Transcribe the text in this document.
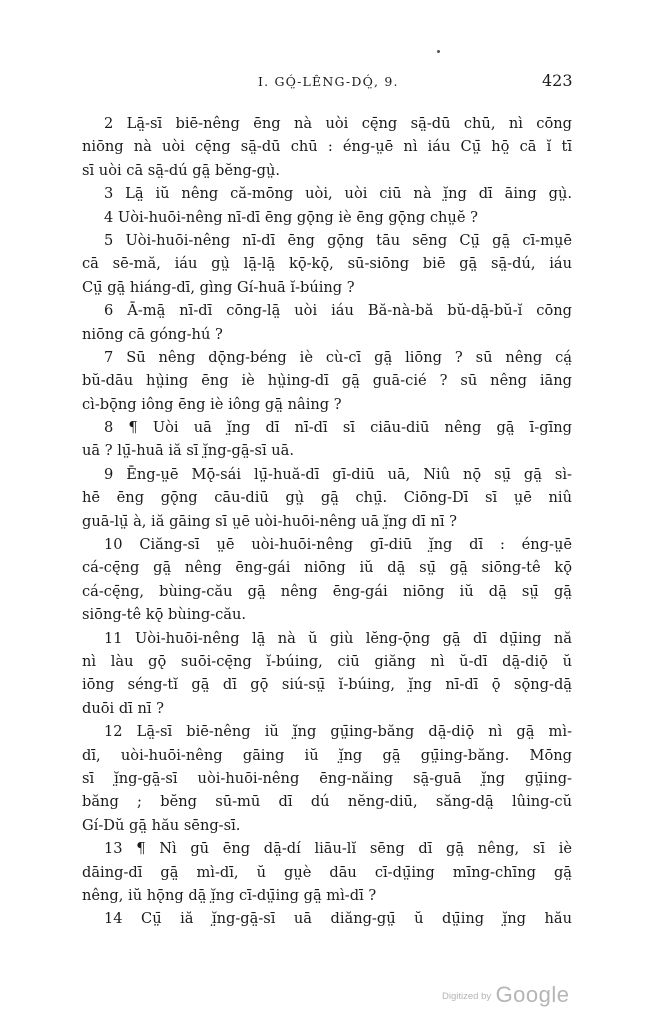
I. GÓ̤-LÊNG-DÓ̤, 9.	423
2 Lā̤-sī biē-nêng ēng nà uòi cę̄ng sā̤-dū chū, nì cōng
niōng nà uòi cę̄ng sā̤-dū chū : éng-ṳē nì iáu Cṳ̄ hō̤ cā ĭ tī
sī uòi cā sā̤-dú gā̤ bĕng-gṳ̀.
3 Lā̤ iŭ nêng că-mōng uòi, uòi ciū nà ĭ̤ng dī āing gṳ̀.
4 Uòi-huōi-nêng nī-dī ēng gǭng iè ēng gǭng chṳĕ ?
5 Uòi-huōi-nêng nī-dī ēng gǭng tāu sēng Cṳ̄ gā̤ cī-mṳē
cā sē-mă, iáu gṳ̀ lā̤-lā̤ kǭ-kǭ, sū-siōng biē gā̤ sā̤-dú, iáu
Cṳ̄ gā̤ hiáng-dī, gìng Gí-huā ĭ-búing ?
6 Ā-mā̤ nī-dī cōng-lā̤ uòi iáu Bă-nà-bă bŭ-dā̤-bŭ-ĭ cōng
niōng cā góng-hú ?
7 Sū nêng dǭng-béng iè cù-cī gā̤ liōng ? sū nêng cá̤
bŭ-dāu hṳ̀ing ēng iè hṳ̀ing-dī gā̤ guā-cié ? sū nêng iāng
cì-bǭng iông ēng iè iông gā̤ nâing ?
8 ¶ Uòi uā ĭ̤ng dī nī-dī sī ciāu-diū nêng gā̤ ī-gīng
uā ? lṳ̄-huā iă sī ĭ̤ng-gā̤-sī uā.
9 Ēng-ṳē Mǭ-sái lṳ̄-huă-dī gī-diū uā, Niû nǭ sṳ̄ gā̤ sì-
hē ēng gǭng cāu-diū gṳ̀ gā̤ chṳ̄. Ciōng-Dī sī ṳē niû
guā-lṳ̄ à, iă gāing sī ṳē uòi-huōi-nêng uā ĭ̤ng dī nī ?
10 Ciăng-sī ṳē uòi-huōi-nêng gī-diū ĭ̤ng dī : éng-ṳē
cá-cę̄ng gā̤ nêng ēng-gái niōng iŭ dā̤ sṳ̄ gā̤ siōng-tê kǭ
cá-cę̄ng, bùing-cău gā̤ nêng ēng-gái niōng iŭ dā̤ sṳ̄ gā̤
siōng-tê kǭ bùing-cău.
11 Uòi-huōi-nêng lā̤ nà ŭ giù lĕng-ǭng gā̤ dī dṳ̄ing nă
nì làu gǭ suōi-cę̄ng ĭ-búing, ciū giăng nì ŭ-dī dā̤-diǭ ŭ
iōng séng-tĭ gā̤ dī gǭ siú-sṳ̄ ĭ-búing, ĭ̤ng nī-dī ǭ sǭng-dā̤
duōi dī nī ?
12 Lā̤-sī biē-nêng iŭ ĭ̤ng gṳ̄ing-băng dā̤-diǭ nì gā̤ mì-
dī, uòi-huōi-nêng gāing iŭ ĭ̤ng gā̤ gṳ̄ing-băng. Mōng
sī ĭ̤ng-gā̤-sī uòi-huōi-nêng ēng-năing sā̤-guā ĭ̤ng gṳ̄ing-
băng ; bĕng sū-mū dī dú nĕng-diū, săng-dā̤ lûing-cŭ
Gí-Dŭ gā̤ hău sēng-sī.
13 ¶ Nì gū ēng dā̤-dí liāu-lĭ sēng dī gā̤ nêng, sī iè
dāing-dī gā̤ mì-dī, ŭ gṳè dāu cī-dṳ̄ing mīng-chīng gā̤
nêng, iŭ hǭng dā̤ ĭ̤ng cī-dṳ̄ing gā̤ mì-dī ?
14 Cṳ̄ iă ĭ̤ng-gā̤-sī uā diăng-gṳ̄ ŭ dṳ̄ing ĭ̤ng hău
Digitized by Google
